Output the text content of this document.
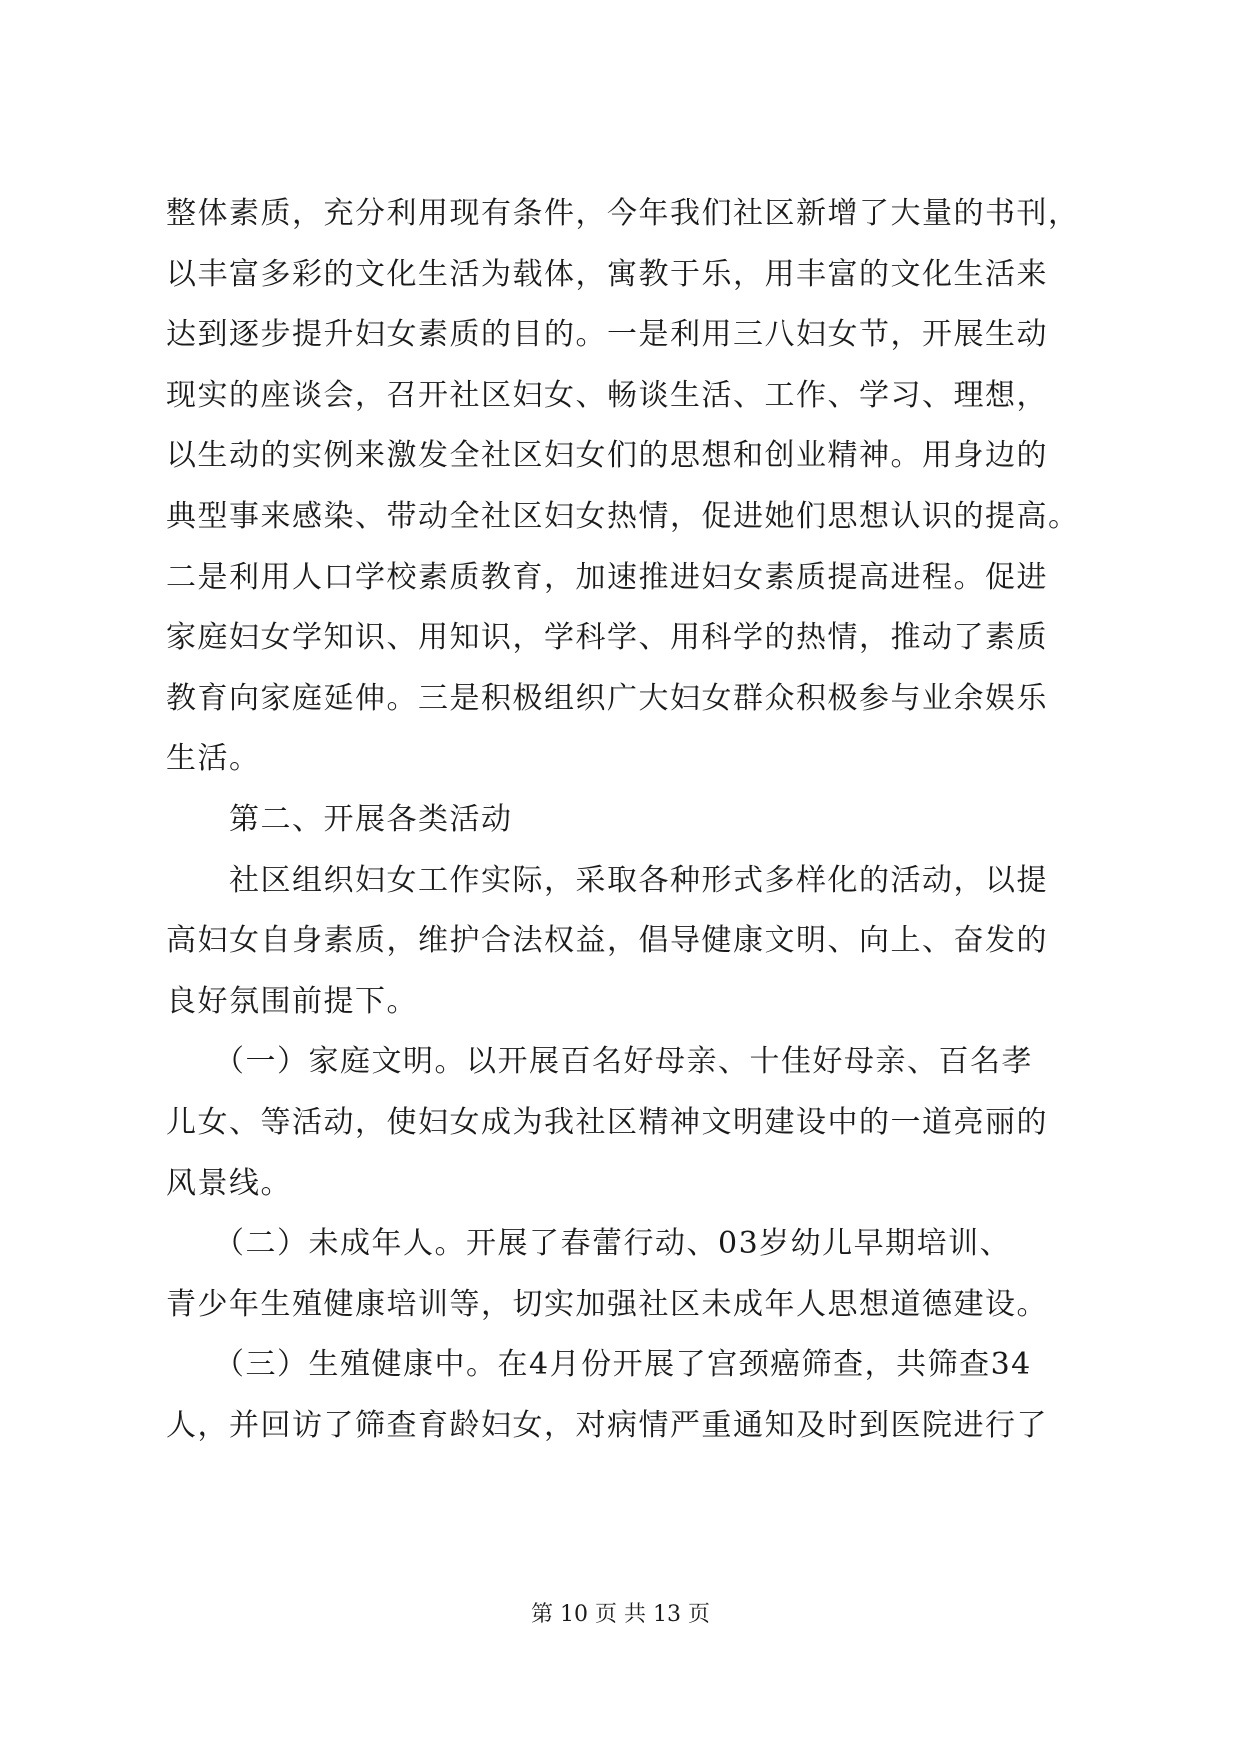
整体素质，充分利用现有条件，今年我们社区新增了大量的书刊，
以丰富多彩的文化生活为载体，寓教于乐，用丰富的文化生活来
达到逐步提升妇女素质的目的。一是利用三八妇女节，开展生动
现实的座谈会，召开社区妇女、畅谈生活、工作、学习、理想，
以生动的实例来激发全社区妇女们的思想和创业精神。用身边的
典型事来感染、带动全社区妇女热情，促进她们思想认识的提高。
二是利用人口学校素质教育，加速推进妇女素质提高进程。促进
家庭妇女学知识、用知识，学科学、用科学的热情，推动了素质
教育向家庭延伸。三是积极组织广大妇女群众积极参与业余娱乐
生活。
　　第二、开展各类活动
　　社区组织妇女工作实际，采取各种形式多样化的活动，以提
高妇女自身素质，维护合法权益，倡导健康文明、向上、奋发的
良好氛围前提下。
　　（一）家庭文明。以开展百名好母亲、十佳好母亲、百名孝
儿女、等活动，使妇女成为我社区精神文明建设中的一道亮丽的
风景线。
　　（二）未成年人。开展了春蕾行动、03岁幼儿早期培训、
青少年生殖健康培训等，切实加强社区未成年人思想道德建设。
　　（三）生殖健康中。在4月份开展了宫颈癌筛查，共筛查34
人，并回访了筛查育龄妇女，对病情严重通知及时到医院进行了
第 10 页 共 13 页
